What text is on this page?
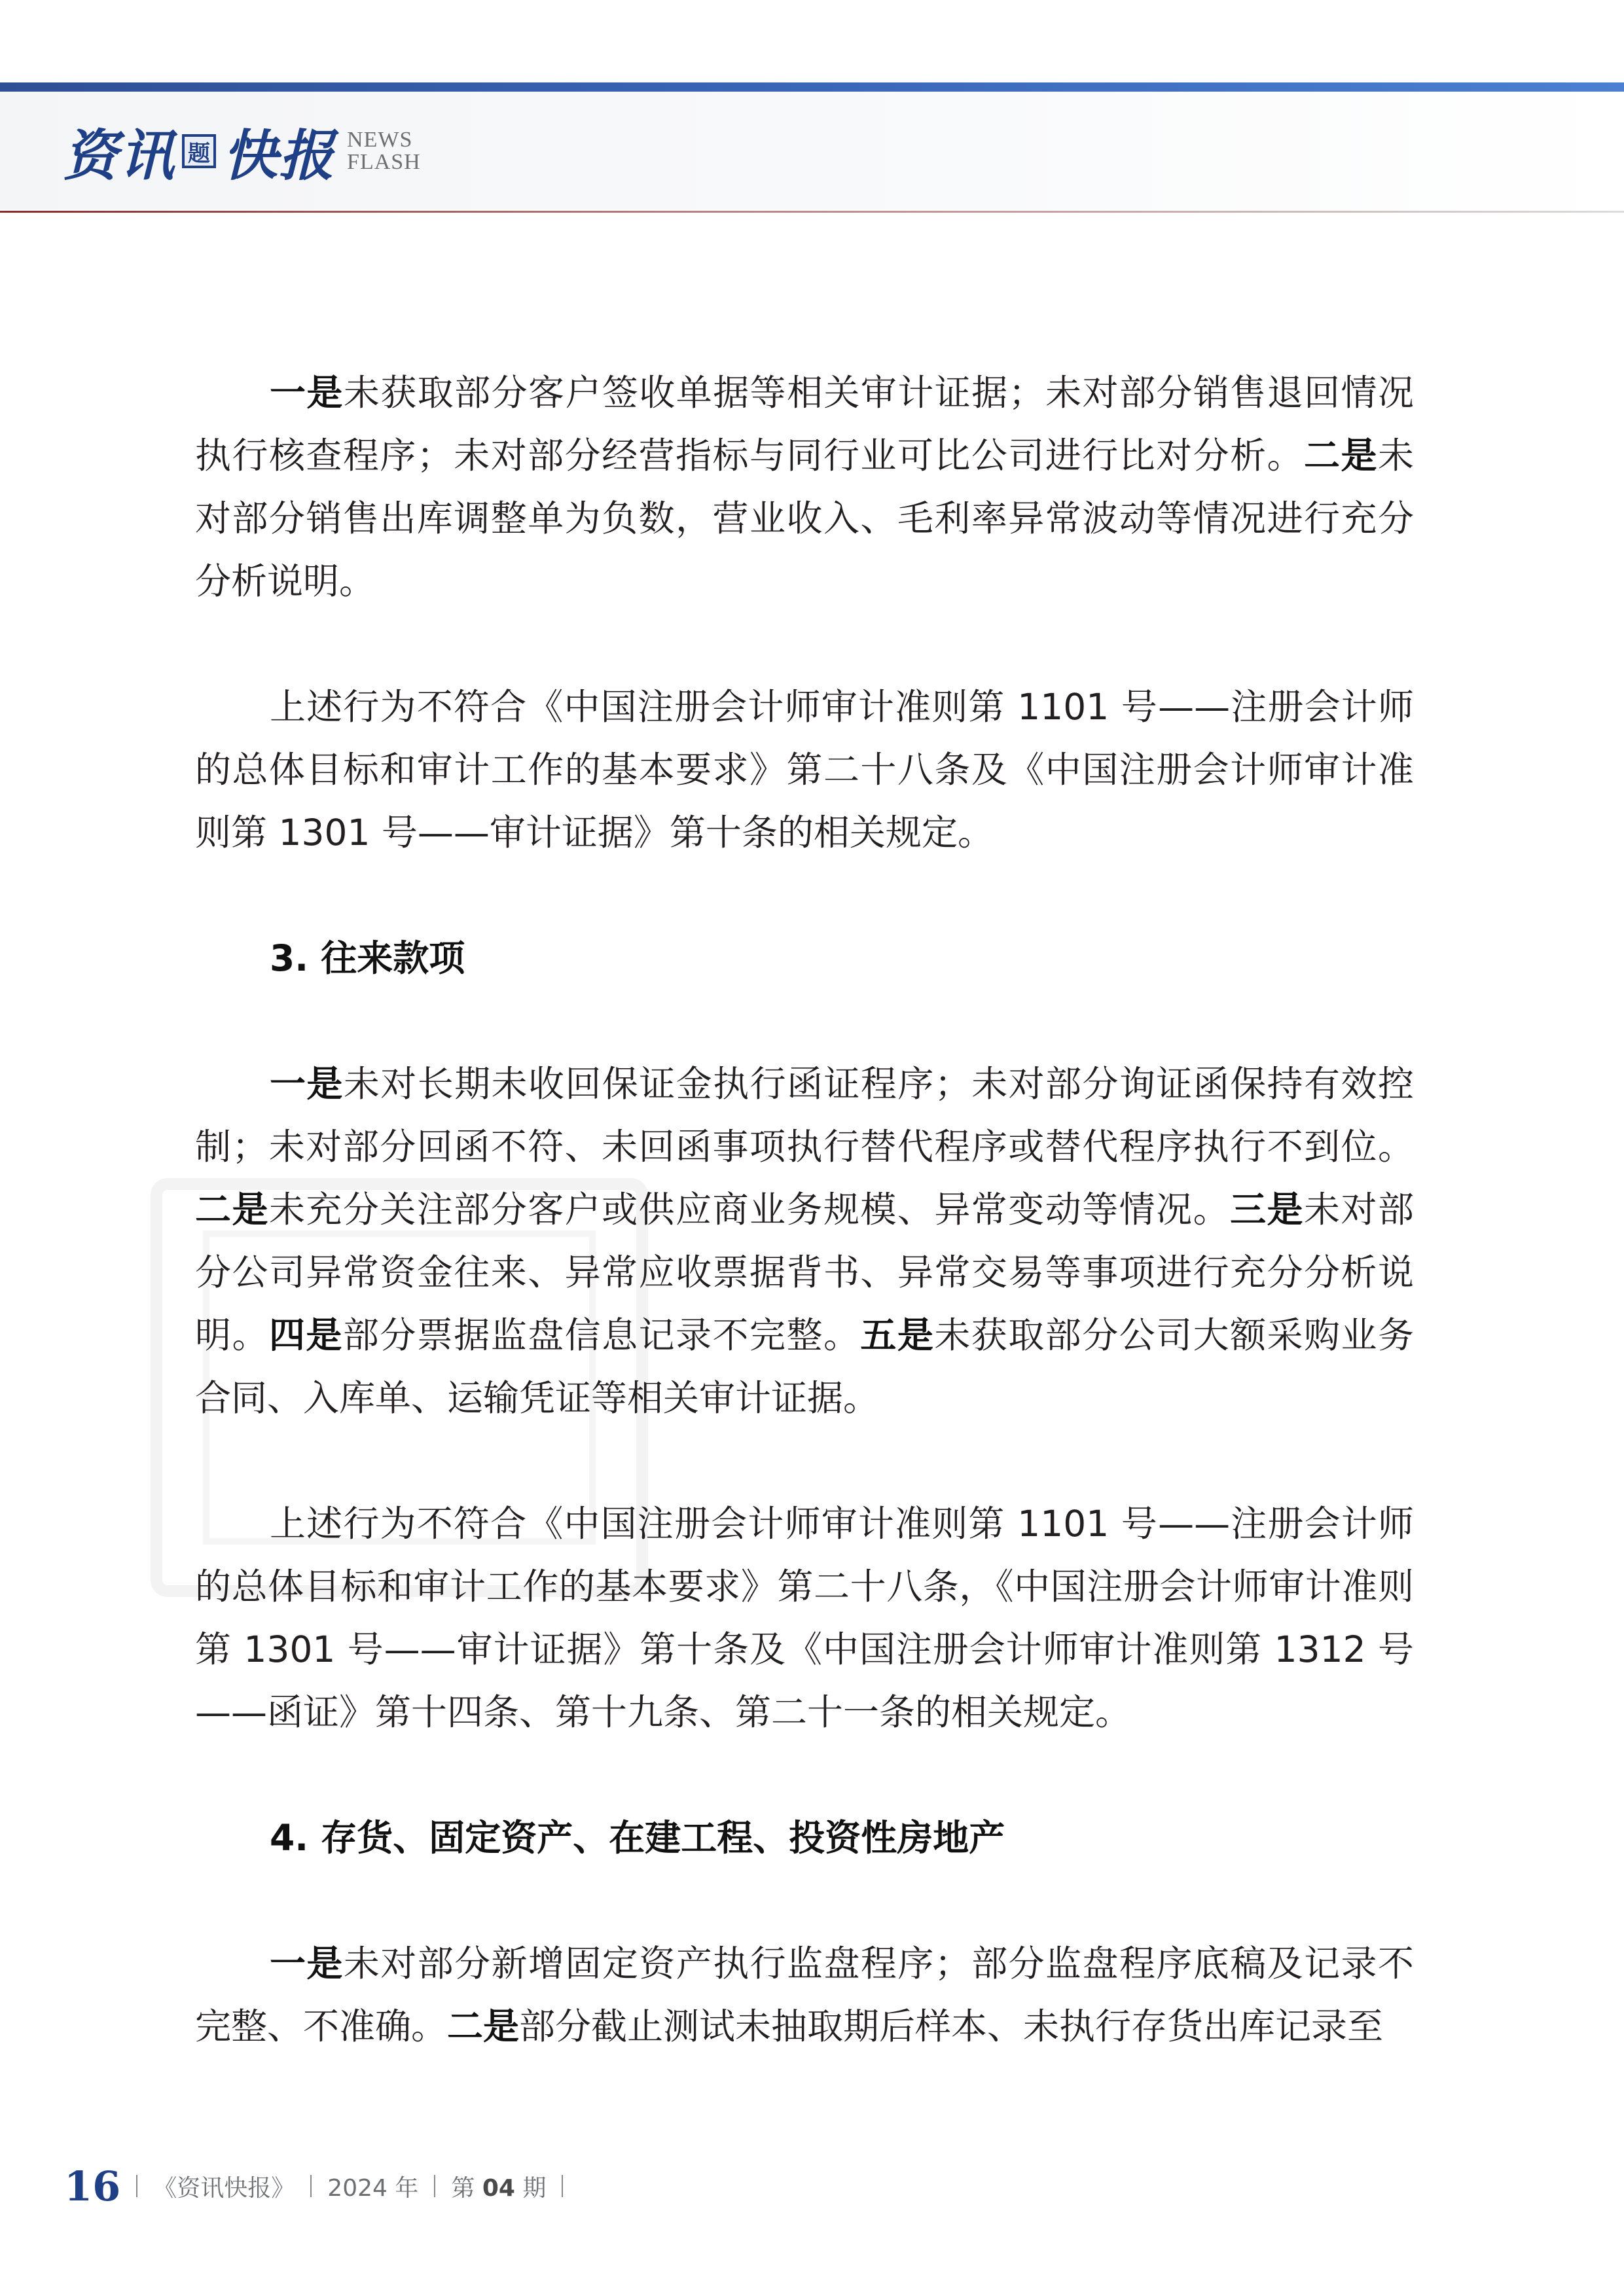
资讯 题 快报 NEWS
FLASH

一是未获取部分客户签收单据等相关审计证据；未对部分销售退回情况执行核查程序；未对部分经营指标与同行业可比公司进行比对分析。二是未对部分销售出库调整单为负数，营业收入、毛利率异常波动等情况进行充分分析说明。

上述行为不符合《中国注册会计师审计准则第 1101 号——注册会计师的总体目标和审计工作的基本要求》第二十八条及《中国注册会计师审计准则第 1301 号——审计证据》第十条的相关规定。

3. 往来款项

一是未对长期未收回保证金执行函证程序；未对部分询证函保持有效控制；未对部分回函不符、未回函事项执行替代程序或替代程序执行不到位。二是未充分关注部分客户或供应商业务规模、异常变动等情况。三是未对部分公司异常资金往来、异常应收票据背书、异常交易等事项进行充分分析说明。四是部分票据监盘信息记录不完整。五是未获取部分公司大额采购业务合同、入库单、运输凭证等相关审计证据。

上述行为不符合《中国注册会计师审计准则第 1101 号——注册会计师的总体目标和审计工作的基本要求》第二十八条，《中国注册会计师审计准则第 1301 号——审计证据》第十条及《中国注册会计师审计准则第 1312 号——函证》第十四条、第十九条、第二十一条的相关规定。

4. 存货、固定资产、在建工程、投资性房地产

一是未对部分新增固定资产执行监盘程序；部分监盘程序底稿及记录不完整、不准确。二是部分截止测试未抽取期后样本、未执行存货出库记录至

16 《资讯快报》 2024 年 第 04 期
